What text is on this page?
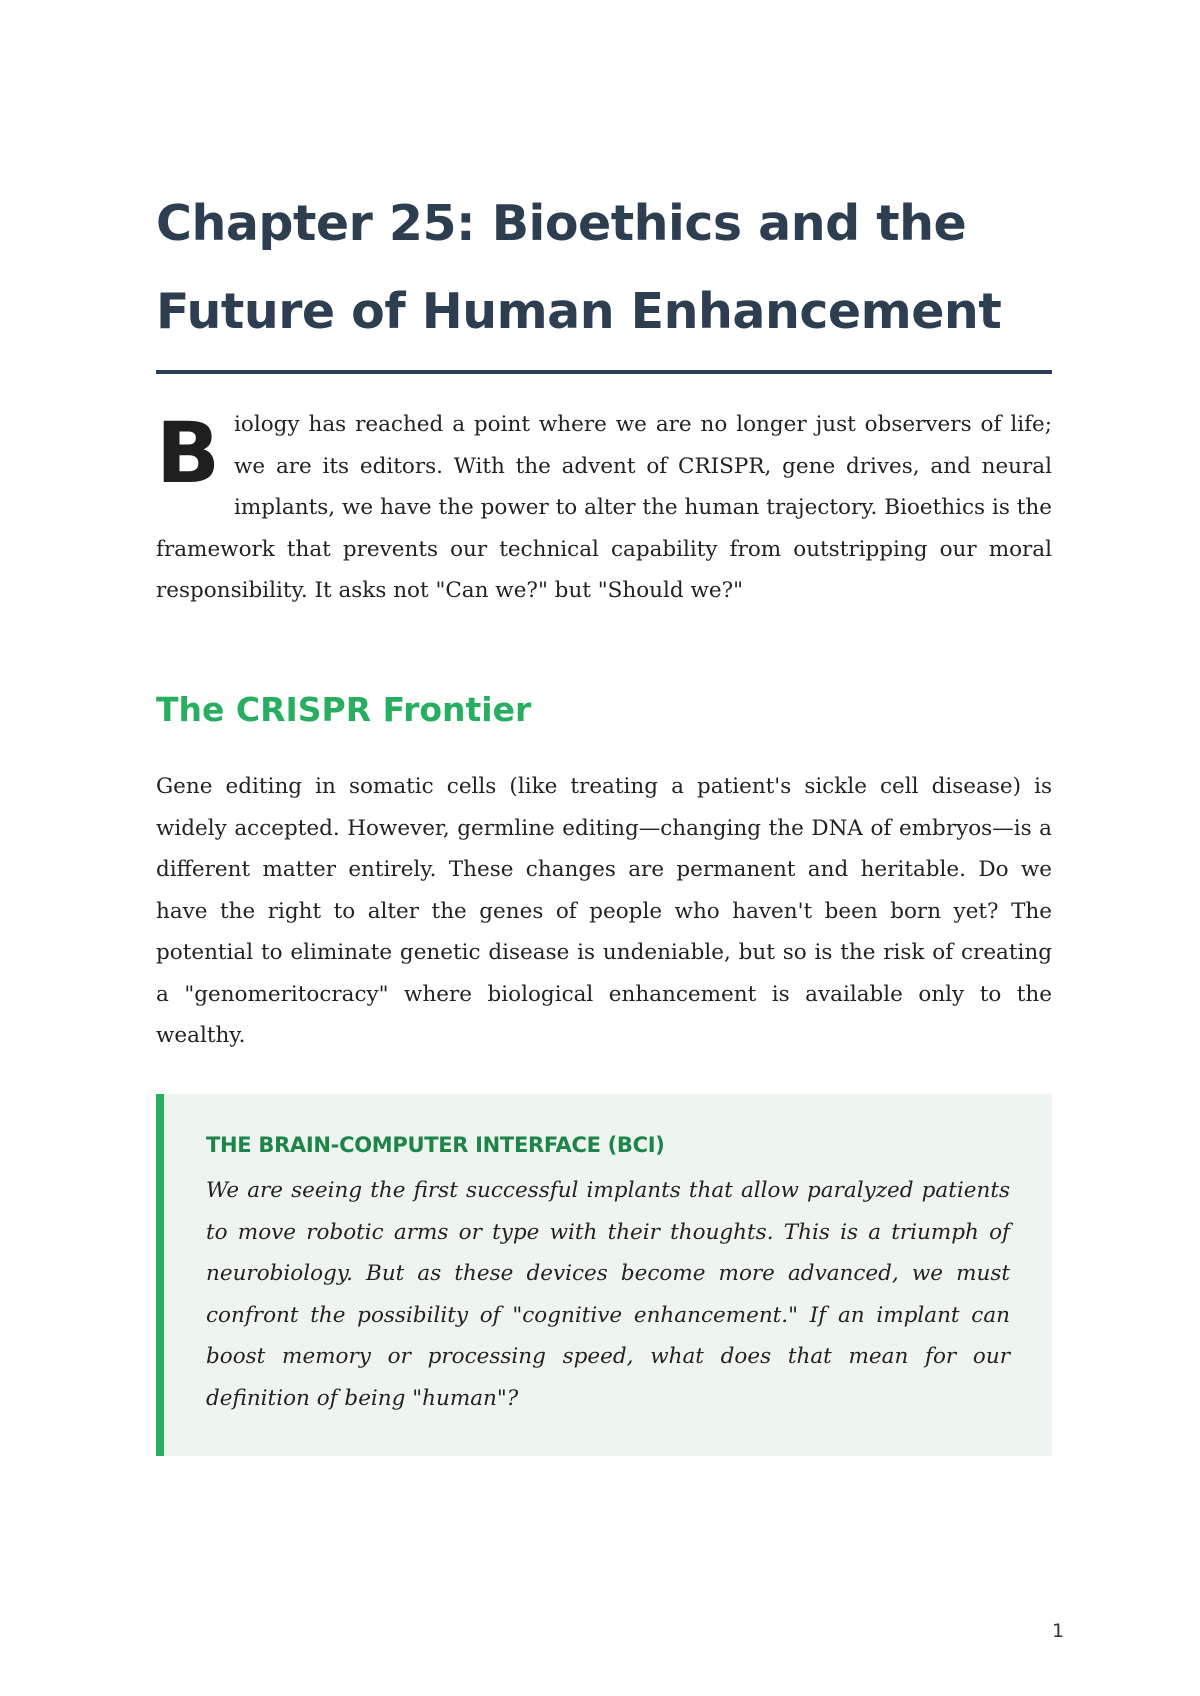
Chapter 25: Bioethics and the Future of Human Enhancement

B iology has reached a point where we are no longer just observers of life; we are its editors. With the advent of CRISPR, gene drives, and neural implants, we have the power to alter the human trajectory. Bioethics is the framework that prevents our technical capability from outstripping our moral responsibility. It asks not "Can we?" but "Should we?"

The CRISPR Frontier

Gene editing in somatic cells (like treating a patient's sickle cell disease) is widely accepted. However, germline editing—changing the DNA of embryos—is a different matter entirely. These changes are permanent and heritable. Do we have the right to alter the genes of people who haven't been born yet? The potential to eliminate genetic disease is undeniable, but so is the risk of creating a "genomeritocracy" where biological enhancement is available only to the wealthy.

THE BRAIN-COMPUTER INTERFACE (BCI)

We are seeing the first successful implants that allow paralyzed patients to move robotic arms or type with their thoughts. This is a triumph of neurobiology. But as these devices become more advanced, we must confront the possibility of "cognitive enhancement." If an implant can boost memory or processing speed, what does that mean for our definition of being "human"?

1
